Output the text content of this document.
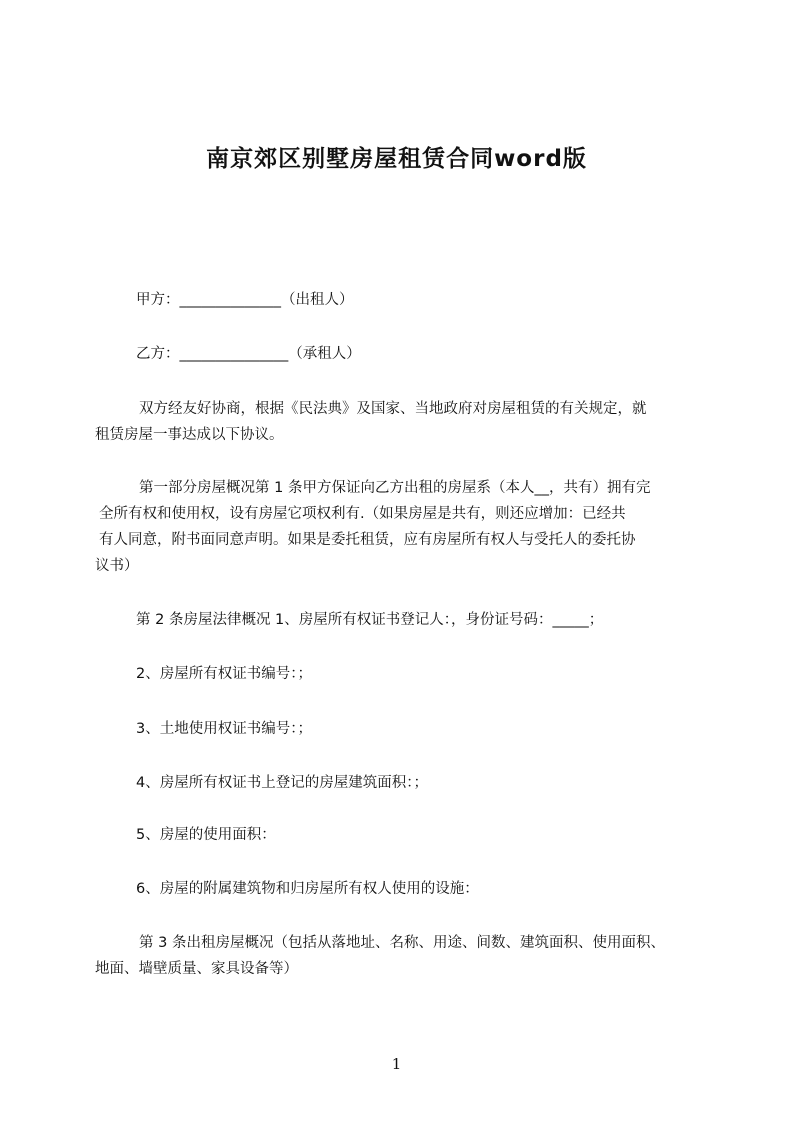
南京郊区别墅房屋租赁合同word版
甲方：______________（出租人）
乙方：_______________（承租人）
双方经友好协商，根据《民法典》及国家、当地政府对房屋租赁的有关规定，就
租赁房屋一事达成以下协议。
第一部分房屋概况第 1 条甲方保证向乙方出租的房屋系（本人__，共有）拥有完
全所有权和使用权，设有房屋它项权利有.（如果房屋是共有，则还应增加：已经共
有人同意，附书面同意声明。如果是委托租赁，应有房屋所有权人与受托人的委托协
议书）
第 2 条房屋法律概况 1、房屋所有权证书登记人：，身份证号码：_____；
2、房屋所有权证书编号：；
3、土地使用权证书编号：；
4、房屋所有权证书上登记的房屋建筑面积：；
5、房屋的使用面积：
6、房屋的附属建筑物和归房屋所有权人使用的设施：
第 3 条出租房屋概况（包括从落地址、名称、用途、间数、建筑面积、使用面积、
地面、墙壁质量、家具设备等）
1
